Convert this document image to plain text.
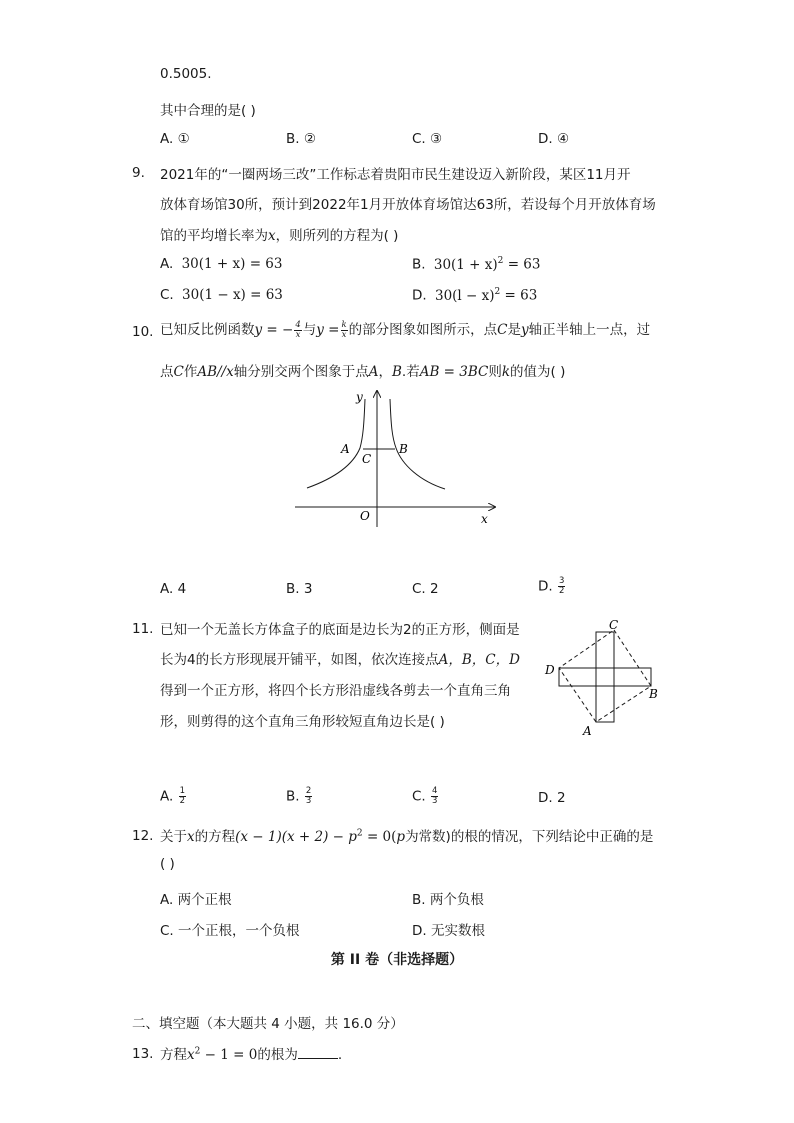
0.5005.
其中合理的是( )
A. ①	B. ②	C. ③	D. ④
9. 2021年的“一圈两场三改”工作标志着贵阳市民生建设迈入新阶段，某区11月开
放体育场馆30所，预计到2022年1月开放体育场馆达63所，若设每个月开放体育场
馆的平均增长率为x，则所列的方程为( )
A. 30(1 + x) = 63	B. $30(1 + x)^2 = 63$
C. 30(1 − x) = 63	D. $30(l - x)^2 = 63$
10. 已知反比例函数y = − $\frac{4}{x}$ 与$y = \frac{k}{x}$ 的部分图象如图所示，点C是y轴正半轴上一点，过
点C作AB//x轴分别交两个图象于点A，B.若AB = 3BC则k的值为( )
y
x
O
A	B
C
A. 4	B. 3	C. 2	D. $\frac{3}{2}$
11. 已知一个无盖长方体盒子的底面是边长为2的正方形，侧面是
长为4的长方形现展开铺平，如图，依次连接点A，B，C，D
得到一个正方形，将四个长方形沿虚线各剪去一个直角三角
形，则剪得的这个直角三角形较短直角边长是( )
C
B
A
D
A. $\frac{1}{2}$	B. $\frac{2}{3}$	C. $\frac{4}{3}$	D. 2
12. 关于x的方程$(x - 1)(x + 2) - p^2 = 0(p$为常数)的根的情况，下列结论中正确的是
( )
A. 两个正根	B. 两个负根
C. 一个正根，一个负根	D. 无实数根
第 II 卷（非选择题）
二、填空题（本大题共 4 小题，共 16.0 分）
13. 方程$x^2 - 1 = 0$的根为	.
